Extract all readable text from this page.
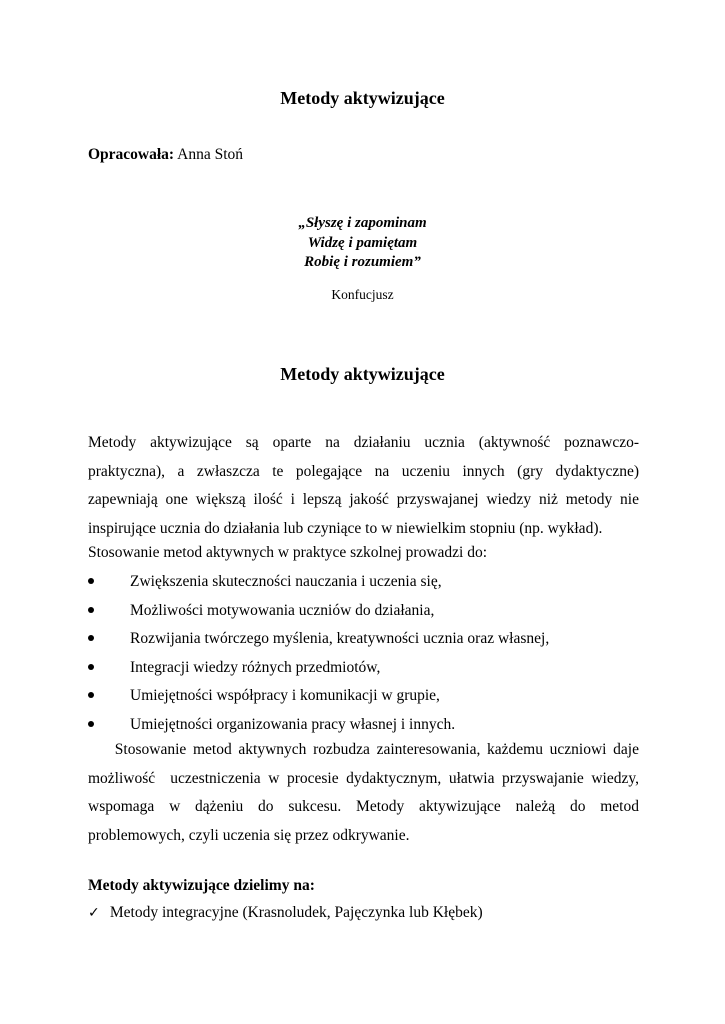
Metody aktywizujące
Opracowała: Anna Stoń
„Słyszę i zapominam
Widzę i pamiętam
Robię i rozumiem”
Konfucjusz
Metody aktywizujące
Metody aktywizujące są oparte na działaniu ucznia (aktywność poznawczo-
praktyczna), a zwłaszcza te polegające na uczeniu innych (gry dydaktyczne)
zapewniają one większą ilość i lepszą jakość przyswajanej wiedzy niż metody nie
inspirujące ucznia do działania lub czyniące to w niewielkim stopniu (np. wykład).
Stosowanie metod aktywnych w praktyce szkolnej prowadzi do:
Zwiększenia skuteczności nauczania i uczenia się,
Możliwości motywowania uczniów do działania,
Rozwijania twórczego myślenia, kreatywności ucznia oraz własnej,
Integracji wiedzy różnych przedmiotów,
Umiejętności współpracy i komunikacji w grupie,
Umiejętności organizowania pracy własnej i innych.
Stosowanie metod aktywnych rozbudza zainteresowania, każdemu uczniowi daje
możliwość  uczestniczenia w procesie dydaktycznym, ułatwia przyswajanie wiedzy,
wspomaga w dążeniu do sukcesu. Metody aktywizujące należą do metod
problemowych, czyli uczenia się przez odkrywanie.
Metody aktywizujące dzielimy na:
✓ Metody integracyjne (Krasnoludek, Pajęczynka lub Kłębek)
